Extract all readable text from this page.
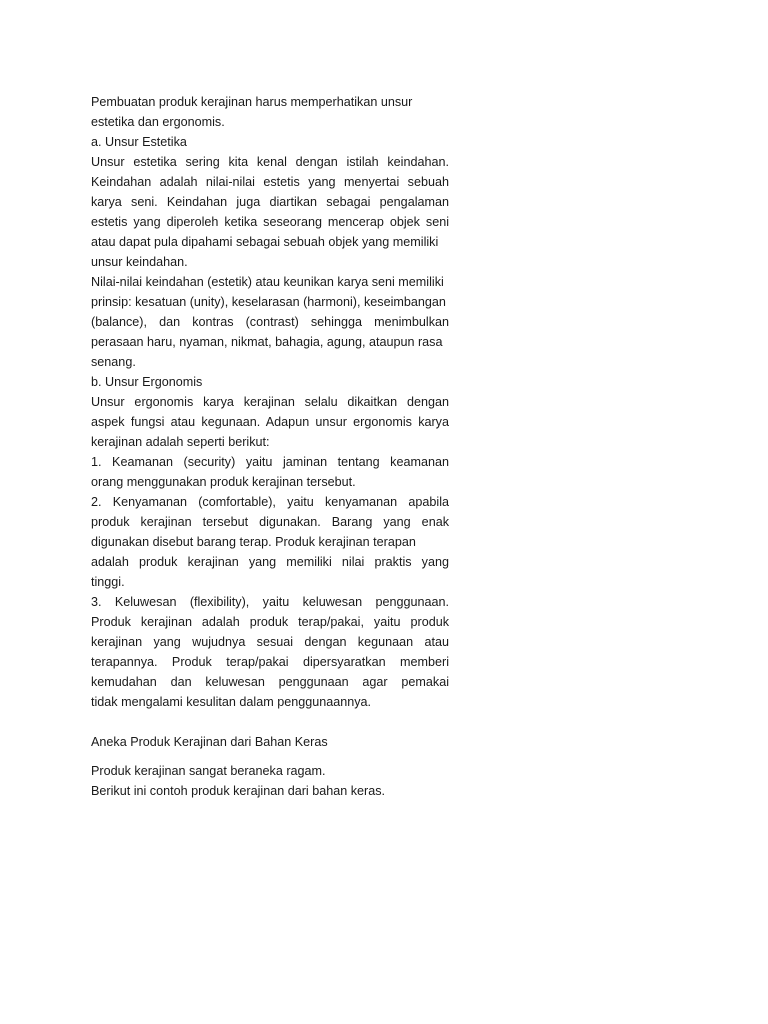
Pembuatan produk kerajinan harus memperhatikan unsur
estetika dan ergonomis.
a. Unsur Estetika
Unsur estetika sering kita kenal dengan istilah keindahan.
Keindahan adalah nilai-nilai estetis yang menyertai sebuah
karya seni. Keindahan juga diartikan sebagai pengalaman
estetis yang diperoleh ketika seseorang mencerap objek seni
atau dapat pula dipahami sebagai sebuah objek yang memiliki
unsur keindahan.
Nilai-nilai keindahan (estetik) atau keunikan karya seni memiliki
prinsip: kesatuan (unity), keselarasan (harmoni), keseimbangan
(balance), dan kontras (contrast) sehingga menimbulkan
perasaan haru, nyaman, nikmat, bahagia, agung, ataupun rasa
senang.
b. Unsur Ergonomis
Unsur ergonomis karya kerajinan selalu dikaitkan dengan
aspek fungsi atau kegunaan. Adapun unsur ergonomis karya
kerajinan adalah seperti berikut:
1. Keamanan (security) yaitu jaminan tentang keamanan
orang menggunakan produk kerajinan tersebut.
2. Kenyamanan (comfortable), yaitu kenyamanan apabila
produk kerajinan tersebut digunakan. Barang yang enak
digunakan disebut barang terap. Produk kerajinan terapan
adalah produk kerajinan yang memiliki nilai praktis yang
tinggi.
3. Keluwesan (flexibility), yaitu keluwesan penggunaan.
Produk kerajinan adalah produk terap/pakai, yaitu produk
kerajinan yang wujudnya sesuai dengan kegunaan atau
terapannya. Produk terap/pakai dipersyaratkan memberi
kemudahan dan keluwesan penggunaan agar pemakai
tidak mengalami kesulitan dalam penggunaannya.
Aneka Produk Kerajinan dari Bahan Keras
Produk kerajinan sangat beraneka ragam.
Berikut ini contoh produk kerajinan dari bahan keras.
